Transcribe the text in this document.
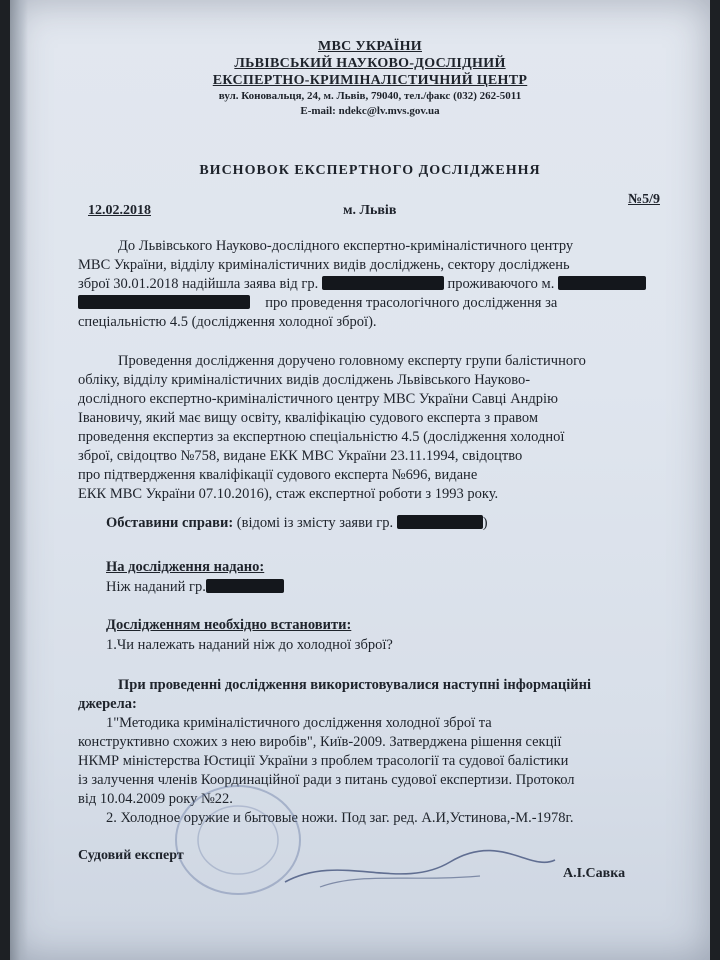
МВС УКРАЇНИ
ЛЬВІВСЬКИЙ НАУКОВО-ДОСЛІДНИЙ
ЕКСПЕРТНО-КРИМІНАЛІСТИЧНИЙ ЦЕНТР
вул. Коновальця, 24, м. Львів, 79040, тел./факс (032) 262-5011
E-mail: ndekc@lv.mvs.gov.ua
ВИСНОВОК ЕКСПЕРТНОГО ДОСЛІДЖЕННЯ
12.02.2018	м. Львів
№5/9
До Львівського Науково-дослідного експертно-криміналістичного центру
МВС України, відділу криміналістичних видів досліджень, сектору досліджень
зброї 30.01.2018 надійшла заява від гр.	проживаючого м.
про проведення трасологічного дослідження за
спеціальністю 4.5 (дослідження холодної зброї).
Проведення дослідження доручено головному експерту групи балістичного
обліку, відділу криміналістичних видів досліджень Львівського Науково-
дослідного експертно-криміналістичного центру МВС України Савці Андрію
Івановичу, який має вищу освіту, кваліфікацію судового експерта з правом
проведення експертиз за експертною спеціальністю 4.5 (дослідження холодної
зброї, свідоцтво №758, видане ЕКК МВС України 23.11.1994, свідоцтво
про підтвердження кваліфікації судового експерта №696, видане
ЕКК МВС України 07.10.2016), стаж експертної роботи з 1993 року.
Обставини справи: (відомі із змісту заяви гр.	)
На дослідження надано:
Ніж наданий гр.
Дослідженням необхідно встановити:
1.Чи належать наданий ніж до холодної зброї?
При проведенні дослідження використовувалися наступні інформаційні
джерела:
1"Методика криміналістичного дослідження холодної зброї та
конструктивно схожих з нею виробів", Київ-2009. Затверджена рішення секції
НКМР міністерства Юстиції України з проблем трасології та судової балістики
із залучення членів Координаційної ради з питань судової експертизи. Протокол
від 10.04.2009 року №22.
2. Холодное оружие и бытовые ножи. Под заг. ред. А.И,Устинова,-М.-1978г.
Судовий експерт
А.І.Савка
